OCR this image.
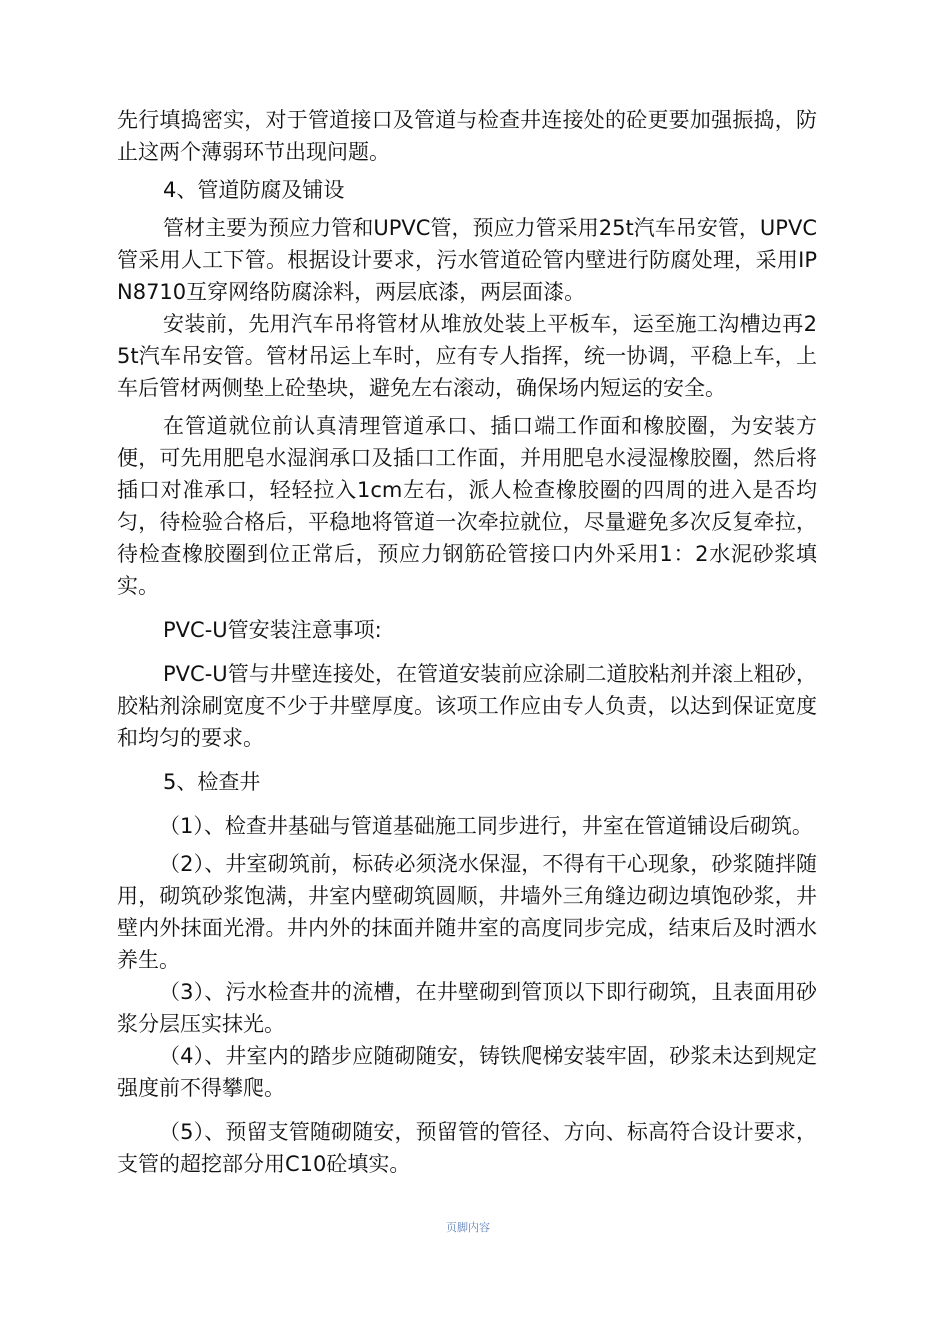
先行填捣密实，对于管道接口及管道与检查井连接处的砼更要加强振捣，防止这两个薄弱环节出现问题。

4、管道防腐及铺设

管材主要为预应力管和UPVC管，预应力管采用25t汽车吊安管，UPVC管采用人工下管。根据设计要求，污水管道砼管内壁进行防腐处理，采用IPN8710互穿网络防腐涂料，两层底漆，两层面漆。

安装前，先用汽车吊将管材从堆放处装上平板车，运至施工沟槽边再25t汽车吊安管。管材吊运上车时，应有专人指挥，统一协调，平稳上车，上车后管材两侧垫上砼垫块，避免左右滚动，确保场内短运的安全。

在管道就位前认真清理管道承口、插口端工作面和橡胶圈，为安装方便，可先用肥皂水湿润承口及插口工作面，并用肥皂水浸湿橡胶圈，然后将插口对准承口，轻轻拉入1cm左右，派人检查橡胶圈的四周的进入是否均匀，待检验合格后，平稳地将管道一次牵拉就位，尽量避免多次反复牵拉，待检查橡胶圈到位正常后，预应力钢筋砼管接口内外采用1：2水泥砂浆填实。

PVC-U管安装注意事项:

PVC-U管与井壁连接处，在管道安装前应涂刷二道胶粘剂并滚上粗砂，胶粘剂涂刷宽度不少于井壁厚度。该项工作应由专人负责，以达到保证宽度和均匀的要求。

5、检查井

（1）、检查井基础与管道基础施工同步进行，井室在管道铺设后砌筑。

（2）、井室砌筑前，标砖必须浇水保湿，不得有干心现象，砂浆随拌随用，砌筑砂浆饱满，井室内壁砌筑圆顺，井墙外三角缝边砌边填饱砂浆，井壁内外抹面光滑。井内外的抹面并随井室的高度同步完成，结束后及时洒水养生。

（3）、污水检查井的流槽，在井壁砌到管顶以下即行砌筑，且表面用砂浆分层压实抹光。

（4）、井室内的踏步应随砌随安，铸铁爬梯安装牢固，砂浆未达到规定强度前不得攀爬。

（5）、预留支管随砌随安，预留管的管径、方向、标高符合设计要求，支管的超挖部分用C10砼填实。

页脚内容
